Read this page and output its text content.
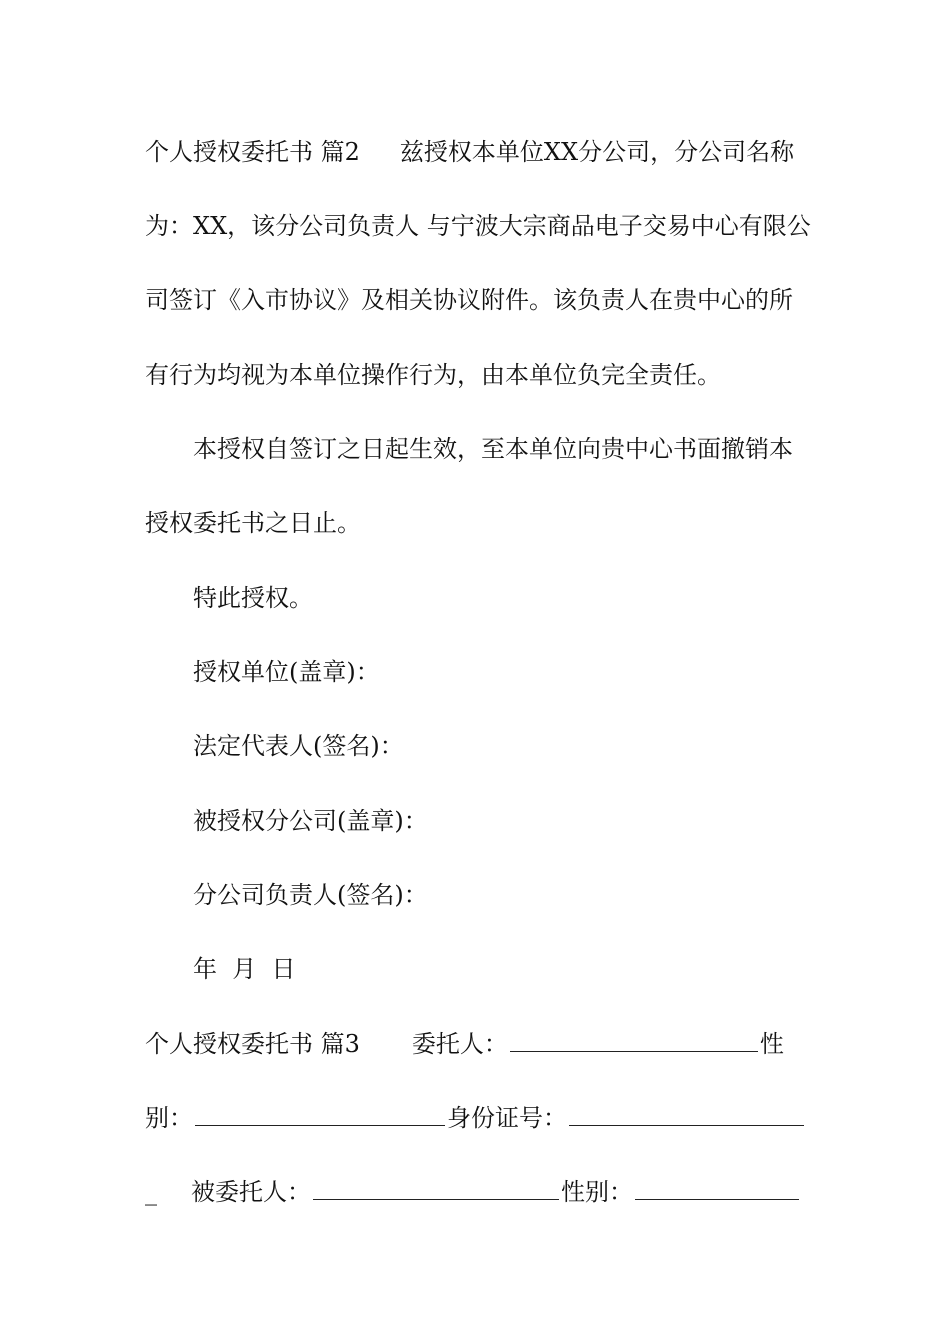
个人授权委托书 篇2 兹授权本单位XX分公司，分公司名称
为：XX，该分公司负责人 与宁波大宗商品电子交易中心有限公
司签订《入市协议》及相关协议附件。该负责人在贵中心的所
有行为均视为本单位操作行为，由本单位负完全责任。
本授权自签订之日起生效，至本单位向贵中心书面撤销本
授权委托书之日止。
特此授权。
授权单位(盖章)：
法定代表人(签名)：
被授权分公司(盖章)：
分公司负责人(签名)：
年  月  日
个人授权委托书 篇3 委托人：	性
别：	身份证号：
_ 被委托人：	性别：
